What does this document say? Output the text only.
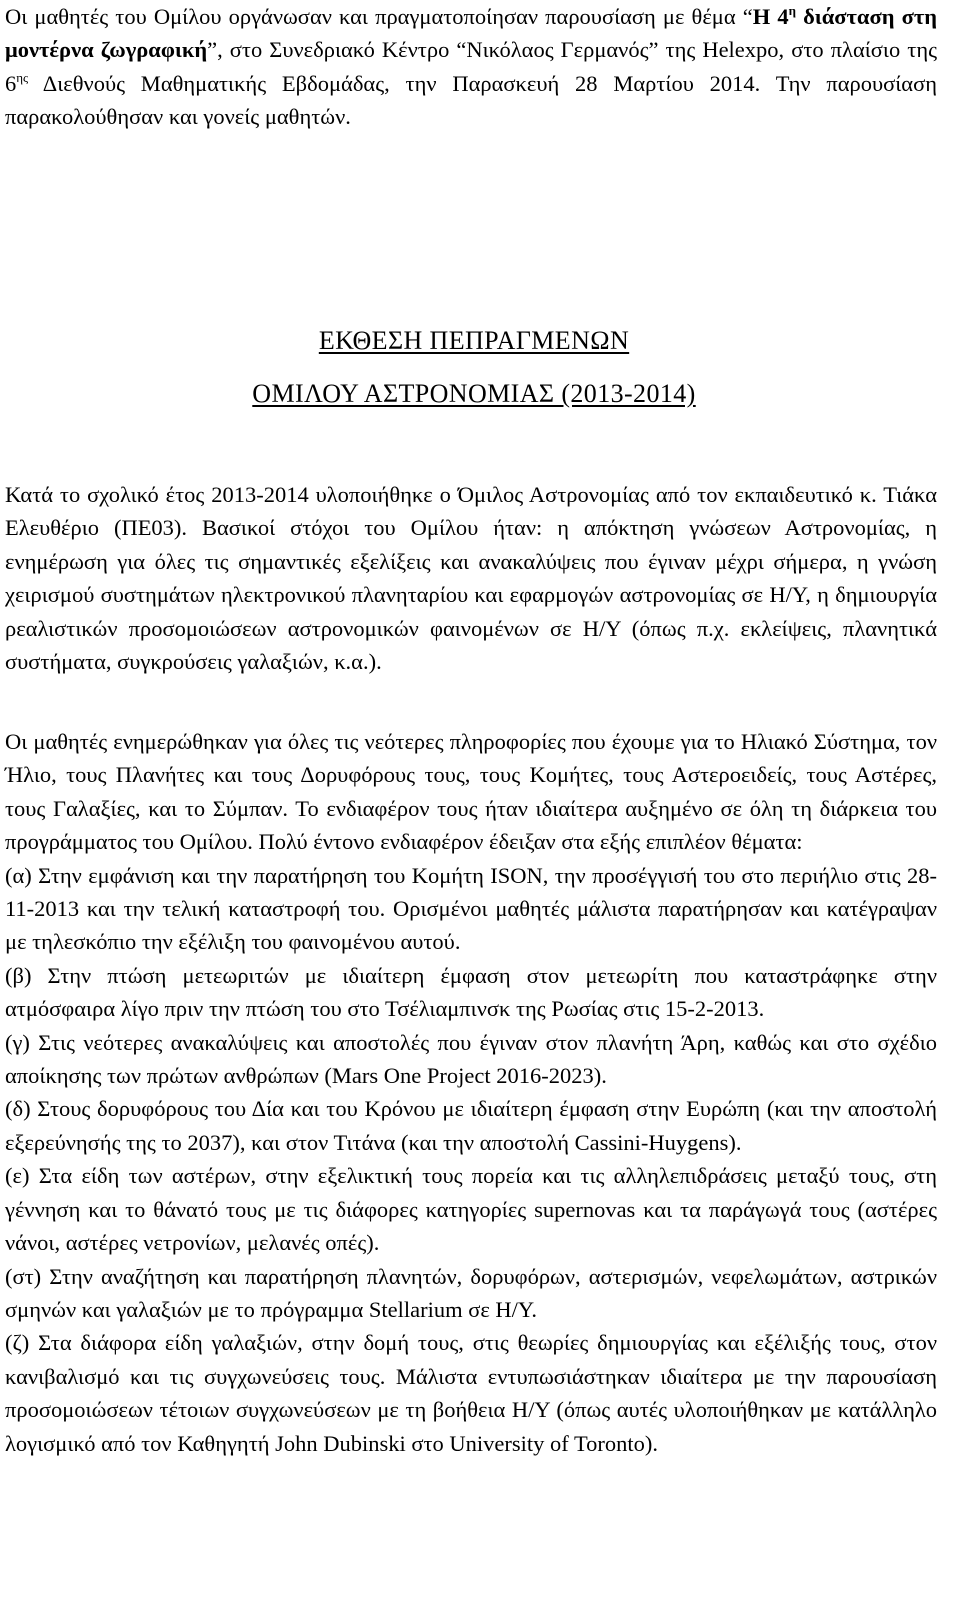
Οι μαθητές του Ομίλου οργάνωσαν και πραγματοποίησαν παρουσίαση με θέμα “Η $4^\eta$ διάσταση στη μοντέρνα ζωγραφική”, στο Συνεδριακό Κέντρο “Νικόλαος Γερμανός” της Helexpo, στο πλαίσιο της $6^{\eta\varsigma}$ Διεθνούς Μαθηματικής Εβδομάδας, την Παρασκευή 28 Μαρτίου 2014. Την παρουσίαση παρακολούθησαν και γονείς μαθητών.

ΕΚΘΕΣΗ ΠΕΠΡΑΓΜΕΝΩΝ

ΟΜΙΛΟΥ ΑΣΤΡΟΝΟΜΙΑΣ (2013-2014)

Κατά το σχολικό έτος 2013-2014 υλοποιήθηκε ο Όμιλος Αστρονομίας από τον εκπαιδευτικό κ. Τιάκα Ελευθέριο (ΠΕ03). Βασικοί στόχοι του Ομίλου ήταν: η απόκτηση γνώσεων Αστρονομίας, η ενημέρωση για όλες τις σημαντικές εξελίξεις και ανακαλύψεις που έγιναν μέχρι σήμερα, η γνώση χειρισμού συστημάτων ηλεκτρονικού πλανηταρίου και εφαρμογών αστρονομίας σε Η/Υ, η δημιουργία ρεαλιστικών προσομοιώσεων αστρονομικών φαινομένων σε Η/Υ (όπως π.χ. εκλείψεις, πλανητικά συστήματα, συγκρούσεις γαλαξιών, κ.α.).

Οι μαθητές ενημερώθηκαν για όλες τις νεότερες πληροφορίες που έχουμε για το Ηλιακό Σύστημα, τον Ήλιο, τους Πλανήτες και τους Δορυφόρους τους, τους Κομήτες, τους Αστεροειδείς, τους Αστέρες, τους Γαλαξίες, και το Σύμπαν. Το ενδιαφέρον τους ήταν ιδιαίτερα αυξημένο σε όλη τη διάρκεια του προγράμματος του Ομίλου. Πολύ έντονο ενδιαφέρον έδειξαν στα εξής επιπλέον θέματα:

(α) Στην εμφάνιση και την παρατήρηση του Κομήτη ISON, την προσέγγισή του στο περιήλιο στις 28-11-2013 και την τελική καταστροφή του. Ορισμένοι μαθητές μάλιστα παρατήρησαν και κατέγραψαν με τηλεσκόπιο την εξέλιξη του φαινομένου αυτού.

(β) Στην πτώση μετεωριτών με ιδιαίτερη έμφαση στον μετεωρίτη που καταστράφηκε στην ατμόσφαιρα λίγο πριν την πτώση του στο Τσέλιαμπινσκ της Ρωσίας στις 15-2-2013.

(γ) Στις νεότερες ανακαλύψεις και αποστολές που έγιναν στον πλανήτη Άρη, καθώς και στο σχέδιο αποίκησης των πρώτων ανθρώπων (Mars One Project 2016-2023).

(δ) Στους δορυφόρους του Δία και του Κρόνου με ιδιαίτερη έμφαση στην Ευρώπη (και την αποστολή εξερεύνησής της το 2037), και στον Τιτάνα (και την αποστολή Cassini-Huygens).

(ε) Στα είδη των αστέρων, στην εξελικτική τους πορεία και τις αλληλεπιδράσεις μεταξύ τους, στη γέννηση και το θάνατό τους με τις διάφορες κατηγορίες supernovas και τα παράγωγά τους (αστέρες νάνοι, αστέρες νετρονίων, μελανές οπές).

(στ) Στην αναζήτηση και παρατήρηση πλανητών, δορυφόρων, αστερισμών, νεφελωμάτων, αστρικών σμηνών και γαλαξιών με το πρόγραμμα Stellarium σε Η/Υ.

(ζ) Στα διάφορα είδη γαλαξιών, στην δομή τους, στις θεωρίες δημιουργίας και εξέλιξής τους, στον κανιβαλισμό και τις συγχωνεύσεις τους. Μάλιστα εντυπωσιάστηκαν ιδιαίτερα με την παρουσίαση προσομοιώσεων τέτοιων συγχωνεύσεων με τη βοήθεια Η/Υ (όπως αυτές υλοποιήθηκαν με κατάλληλο λογισμικό από τον Καθηγητή John Dubinski στο University of Toronto).
